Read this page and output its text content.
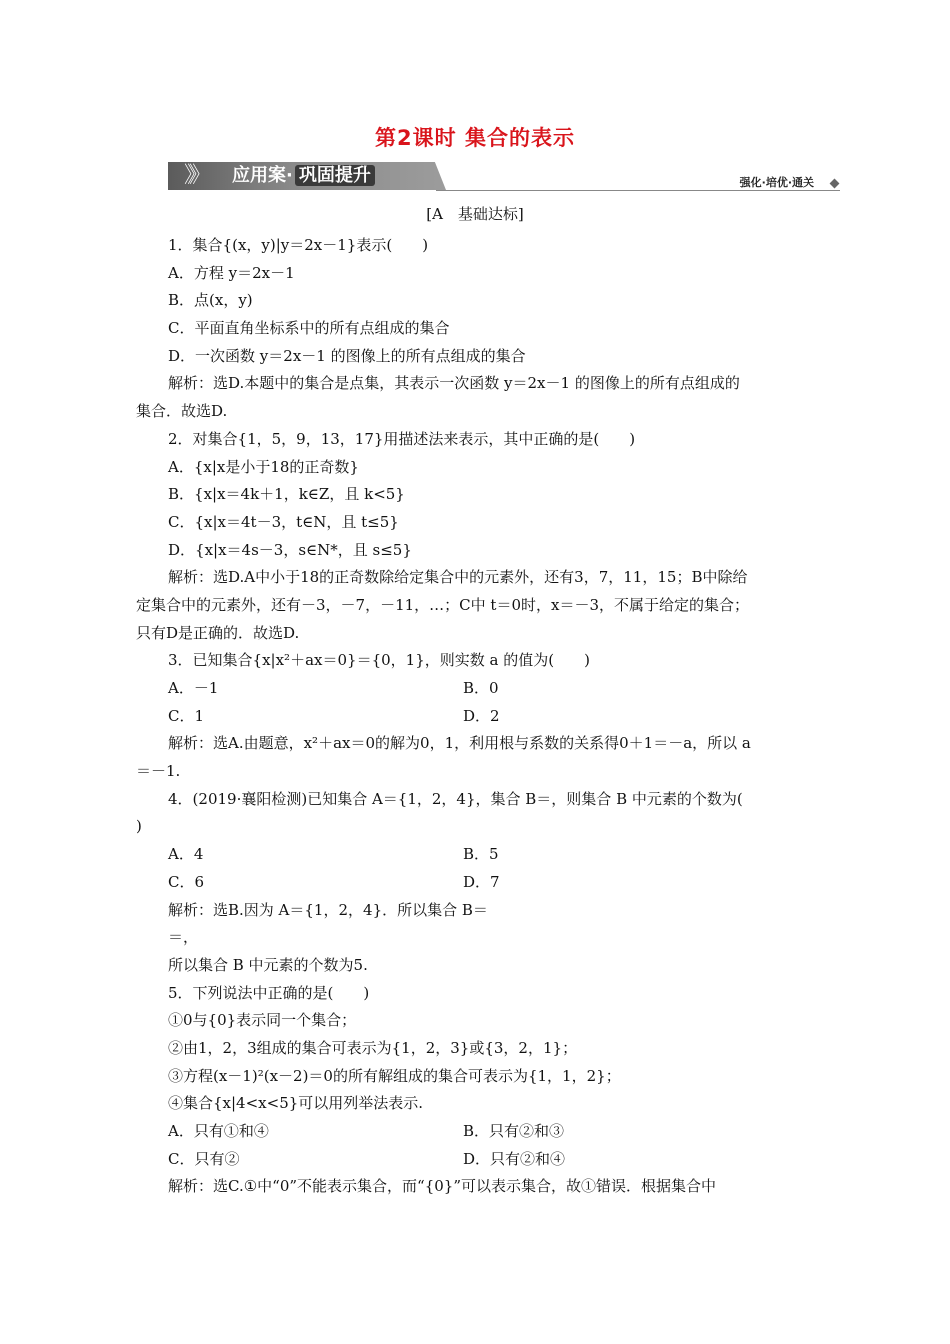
第2课时 集合的表示
》》 应用案· 巩固提升	强化·培优·通关
[A　基础达标]
1．集合{(x，y)|y＝2x－1}表示(　　)
A．方程 y＝2x－1
B．点(x，y)
C．平面直角坐标系中的所有点组成的集合
D．一次函数 y＝2x－1 的图像上的所有点组成的集合
解析：选D.本题中的集合是点集，其表示一次函数 y＝2x－1 的图像上的所有点组成的
集合．故选D.
2．对集合{1，5，9，13，17}用描述法来表示，其中正确的是(　　)
A．{x|x是小于18的正奇数}
B．{x|x＝4k＋1，k∈Z，且 k<5}
C．{x|x＝4t－3，t∈N，且 t≤5}
D．{x|x＝4s－3，s∈N*，且 s≤5}
解析：选D.A中小于18的正奇数除给定集合中的元素外，还有3，7，11，15；B中除给
定集合中的元素外，还有－3，－7，－11，…；C中 t＝0时，x＝－3，不属于给定的集合；
只有D是正确的．故选D.
3．已知集合{x|x²＋ax＝0}＝{0，1}，则实数 a 的值为(　　)
A．－1	B．0
C．1	D．2
解析：选A.由题意，x²＋ax＝0的解为0，1，利用根与系数的关系得0＋1＝－a，所以 a
＝－1.
4．(2019·襄阳检测)已知集合 A＝{1，2，4}，集合 B＝，则集合 B 中元素的个数为(
)
A．4	B．5
C．6	D．7
解析：选B.因为 A＝{1，2，4}．所以集合 B＝
＝，
所以集合 B 中元素的个数为5.
5．下列说法中正确的是(　　)
①0与{0}表示同一个集合；
②由1，2，3组成的集合可表示为{1，2，3}或{3，2，1}；
③方程(x－1)²(x－2)＝0的所有解组成的集合可表示为{1，1，2}；
④集合{x|4<x<5}可以用列举法表示.
A．只有①和④	B．只有②和③
C．只有②	D．只有②和④
解析：选C.①中“0”不能表示集合，而“{0}”可以表示集合，故①错误．根据集合中
